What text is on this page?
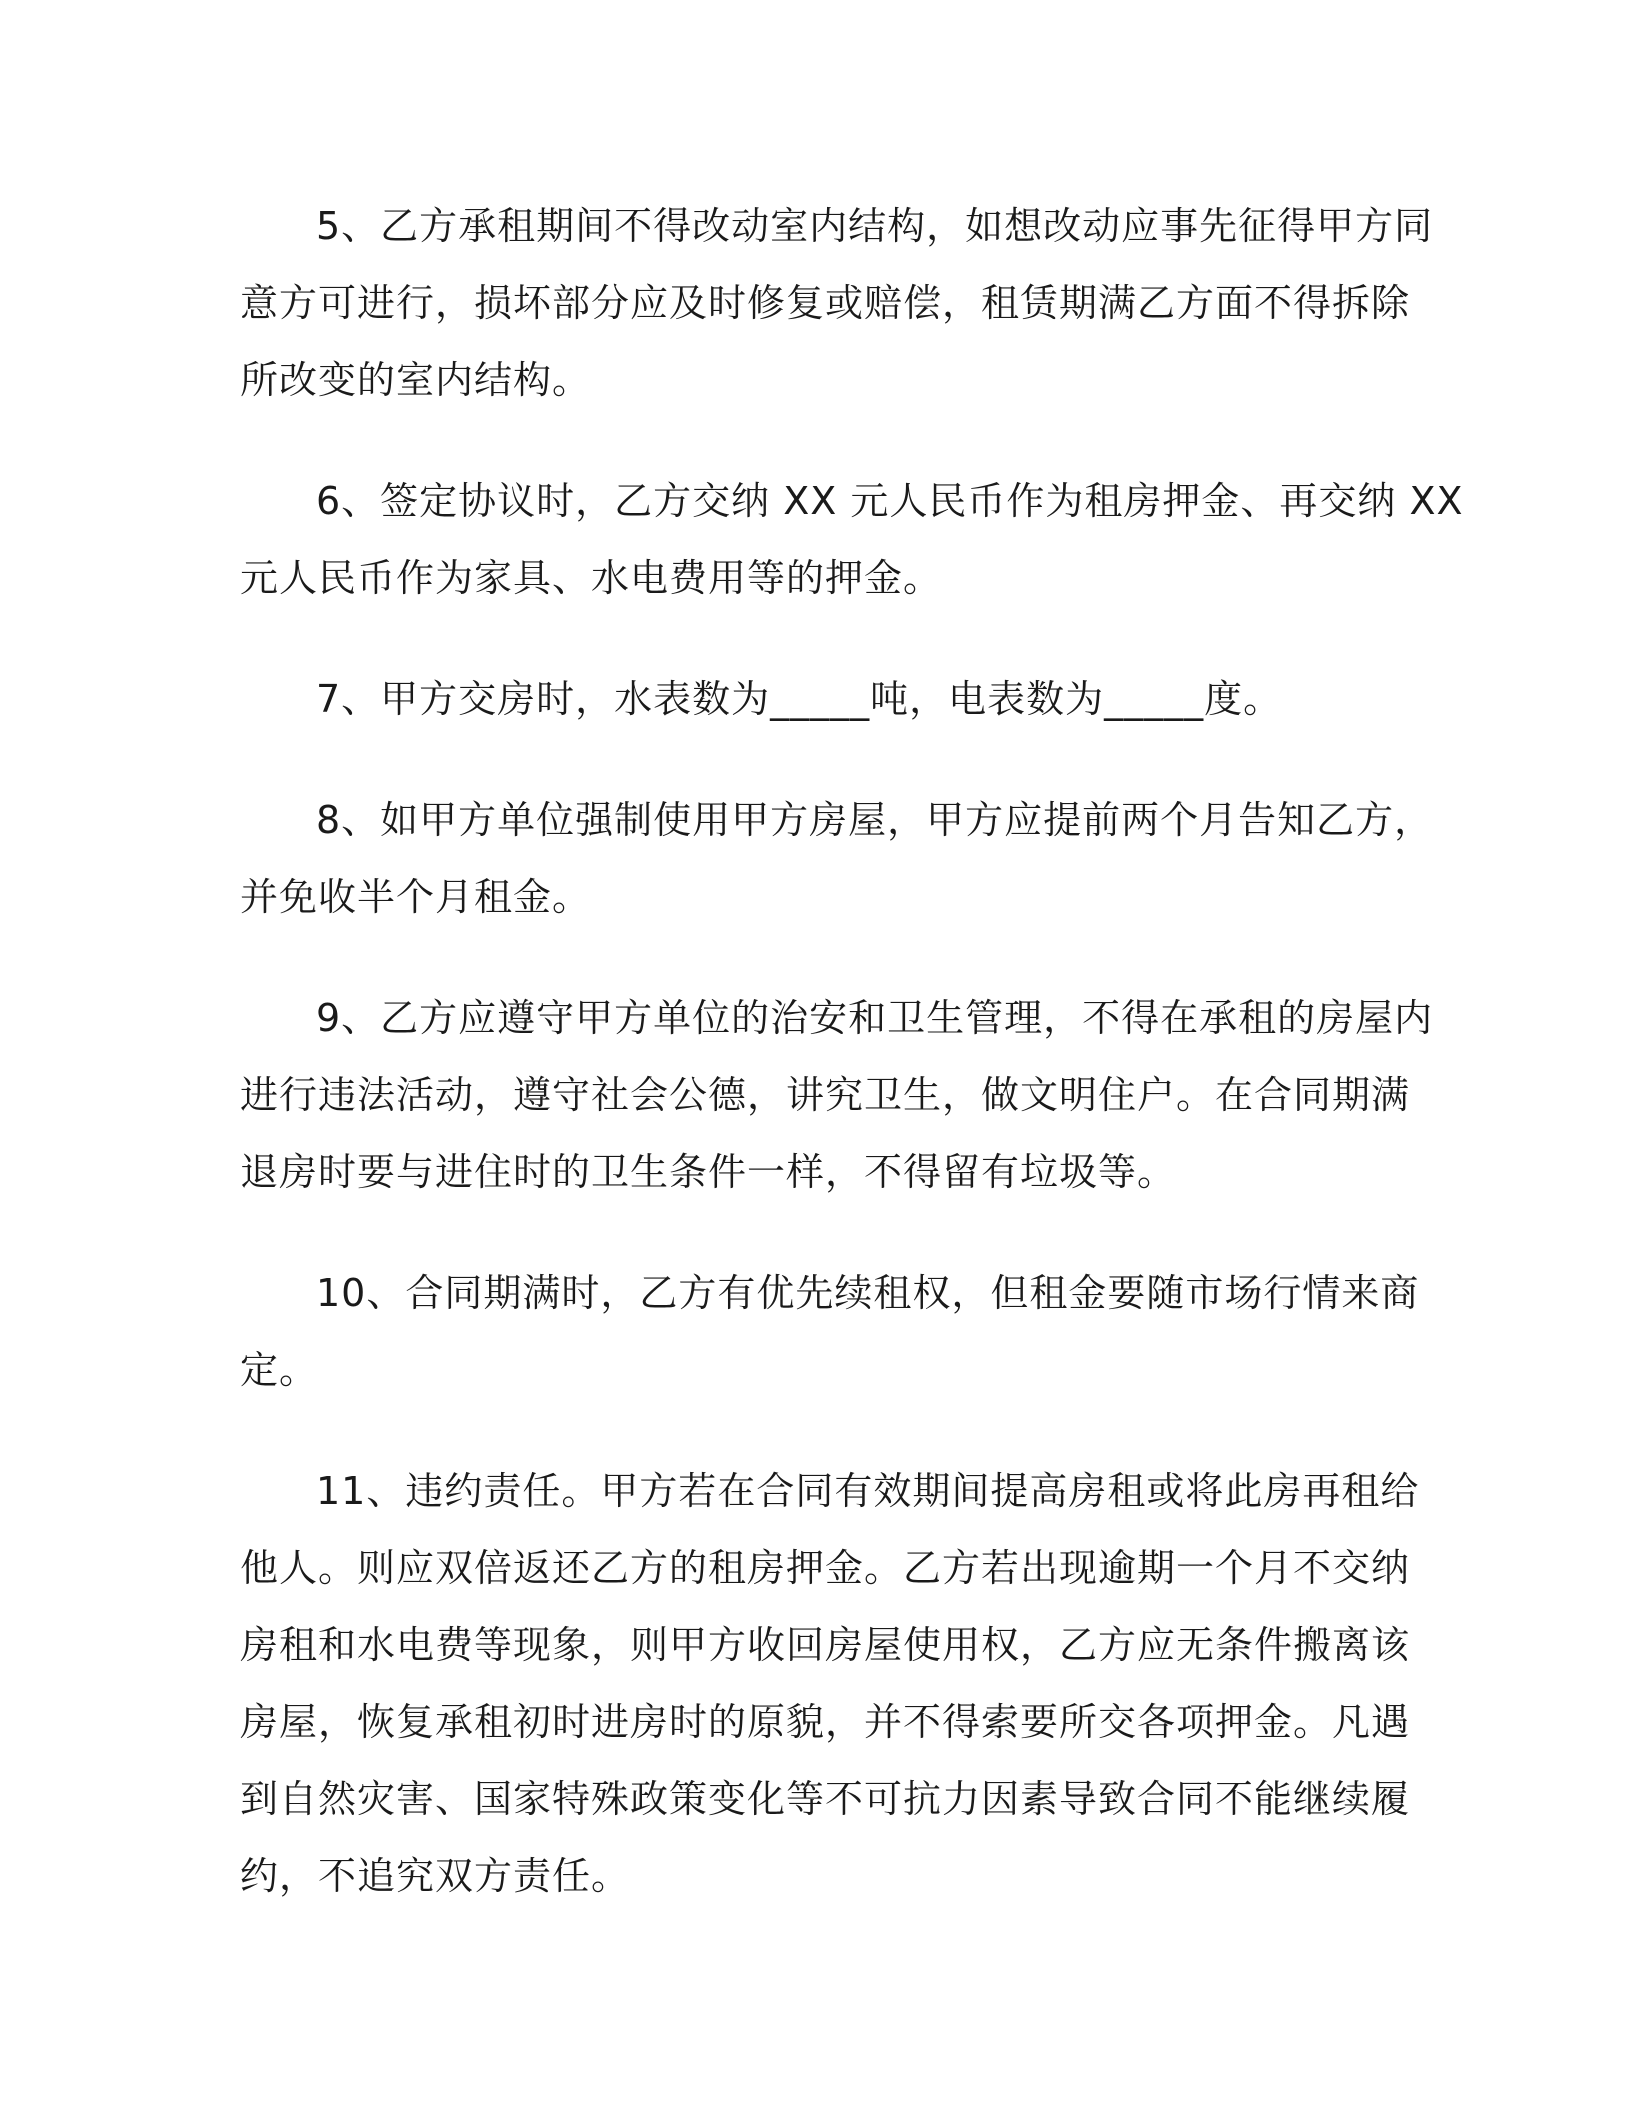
5、乙方承租期间不得改动室内结构，如想改动应事先征得甲方同
意方可进行，损坏部分应及时修复或赔偿，租赁期满乙方面不得拆除
所改变的室内结构。

6、签定协议时，乙方交纳 XX 元人民币作为租房押金、再交纳 XX
元人民币作为家具、水电费用等的押金。

7、甲方交房时，水表数为_____吨，电表数为_____度。

8、如甲方单位强制使用甲方房屋，甲方应提前两个月告知乙方，
并免收半个月租金。

9、乙方应遵守甲方单位的治安和卫生管理，不得在承租的房屋内
进行违法活动，遵守社会公德，讲究卫生，做文明住户。在合同期满
退房时要与进住时的卫生条件一样，不得留有垃圾等。

10、合同期满时，乙方有优先续租权，但租金要随市场行情来商
定。

11、违约责任。甲方若在合同有效期间提高房租或将此房再租给
他人。则应双倍返还乙方的租房押金。乙方若出现逾期一个月不交纳
房租和水电费等现象，则甲方收回房屋使用权，乙方应无条件搬离该
房屋，恢复承租初时进房时的原貌，并不得索要所交各项押金。凡遇
到自然灾害、国家特殊政策变化等不可抗力因素导致合同不能继续履
约，不追究双方责任。
